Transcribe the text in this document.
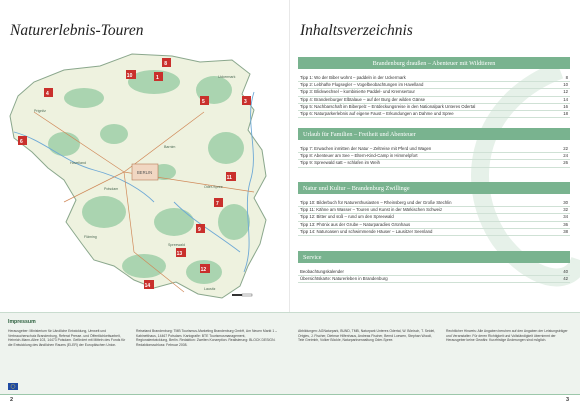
Naturerlebnis-Touren
BERLIN
8
1
10
4
5	3
6
11
7
9
13
12
14
Prignitz
Uckermark
Havelland
Barnim
Potsdam	Oder-Spree
Fläming
Spreewald
Lausitz
Inhaltsverzeichnis
Brandenburg draußen – Abenteuer mit Wildtieren
Tipp 1: Wo der Biber wohnt – paddeln in der Uckermark	8
Tipp 2: Lebhafte Flugsegler – Vogelbeobachtungen im Havelland	10
Tipp 3: Blickwechsel – kombinierte Paddel- und Kremsertour	12
Tipp 4: Brandenburger Elbtalaue – auf der Burg der wilden Gänse	14
Tipp 5: Nachbarschaft im Biberpelz – Entdeckungsreise in den Nationalpark Unteres Odertal	16
Tipp 6: Naturparkerlebnis auf eigene Faust – Erkundungen an Dahme und Spree	18
Urlaub für Familien – Freiheit und Abenteuer
Tipp 7: Erwachen inmitten der Natur – Zeltreise mit Pferd und Wagen	22
Tipp 8: Abenteuer am See – Eltern-Kind-Camp in Himmelpfort	24
Tipp 9: Spreewald satt – schlafen im Weih	26
Natur und Kultur – Brandenburg Zwillinge
Tipp 10: Bilderbuch für Naturenthusiasten – Rheinsberg und der Große Stechlin	30
Tipp 11: Kähne am Wasser – Touren und Kunst in der Märkischen Schweiz	32
Tipp 12: Bitter und süß – rund um den Spreewald	34
Tipp 13: Phönix aus der Grube – Naturparadies Grünhaus	36
Tipp 14: Naturoasen und schwimmende Häuser – Lausitzer Seenland	38
Service
Beobachtungskalender	40
Übersichtskarte: Naturerleben in Brandenburg	42
Impressum
Herausgeber: Ministerium für Ländliche Entwicklung, Umwelt und Verbraucherschutz Brandenburg, Referat Presse- und Öffentlichkeitsarbeit, Heinrich-Mann-Allee 103, 14473 Potsdam. Gefördert mit Mitteln des Fonds für die Entwicklung des ländlichen Raums (ELER) der Europäischen Union.
Reiseland Brandenburg: TMB Tourismus-Marketing Brandenburg GmbH, Am Neuen Markt 1 – Kabinetthaus, 14467 Potsdam. Kartografie: BTE Tourismusmanagement, Regionalentwicklung, Berlin. Redaktion: Zweiten Konzeption. Realisierung: BLOCK DESIGN. Redaktionsschluss: Februar 2008.
Abbildungen: AGNaturpark, BUND, TMB, Naturpark Unteres Odertal, W. Bönisch, T. Seidel, Ortgies, J. Fischer, Dietmar Hilfenhaus, Andreas Fischer, Bernd Loewen, Stephan Woodi, Tele Greimbh, Volker Böckle, Naturparkverwaltung Oder-Spree.
Rechtlicher Hinweis: Alle Angaben beruhen auf den Angaben der Leistungsträger und Veranstalter. Für deren Richtigkeit und Vollständigkeit übernimmt der Herausgeber keine Gewähr. Kurzfristige Änderungen sind möglich.
2	3
